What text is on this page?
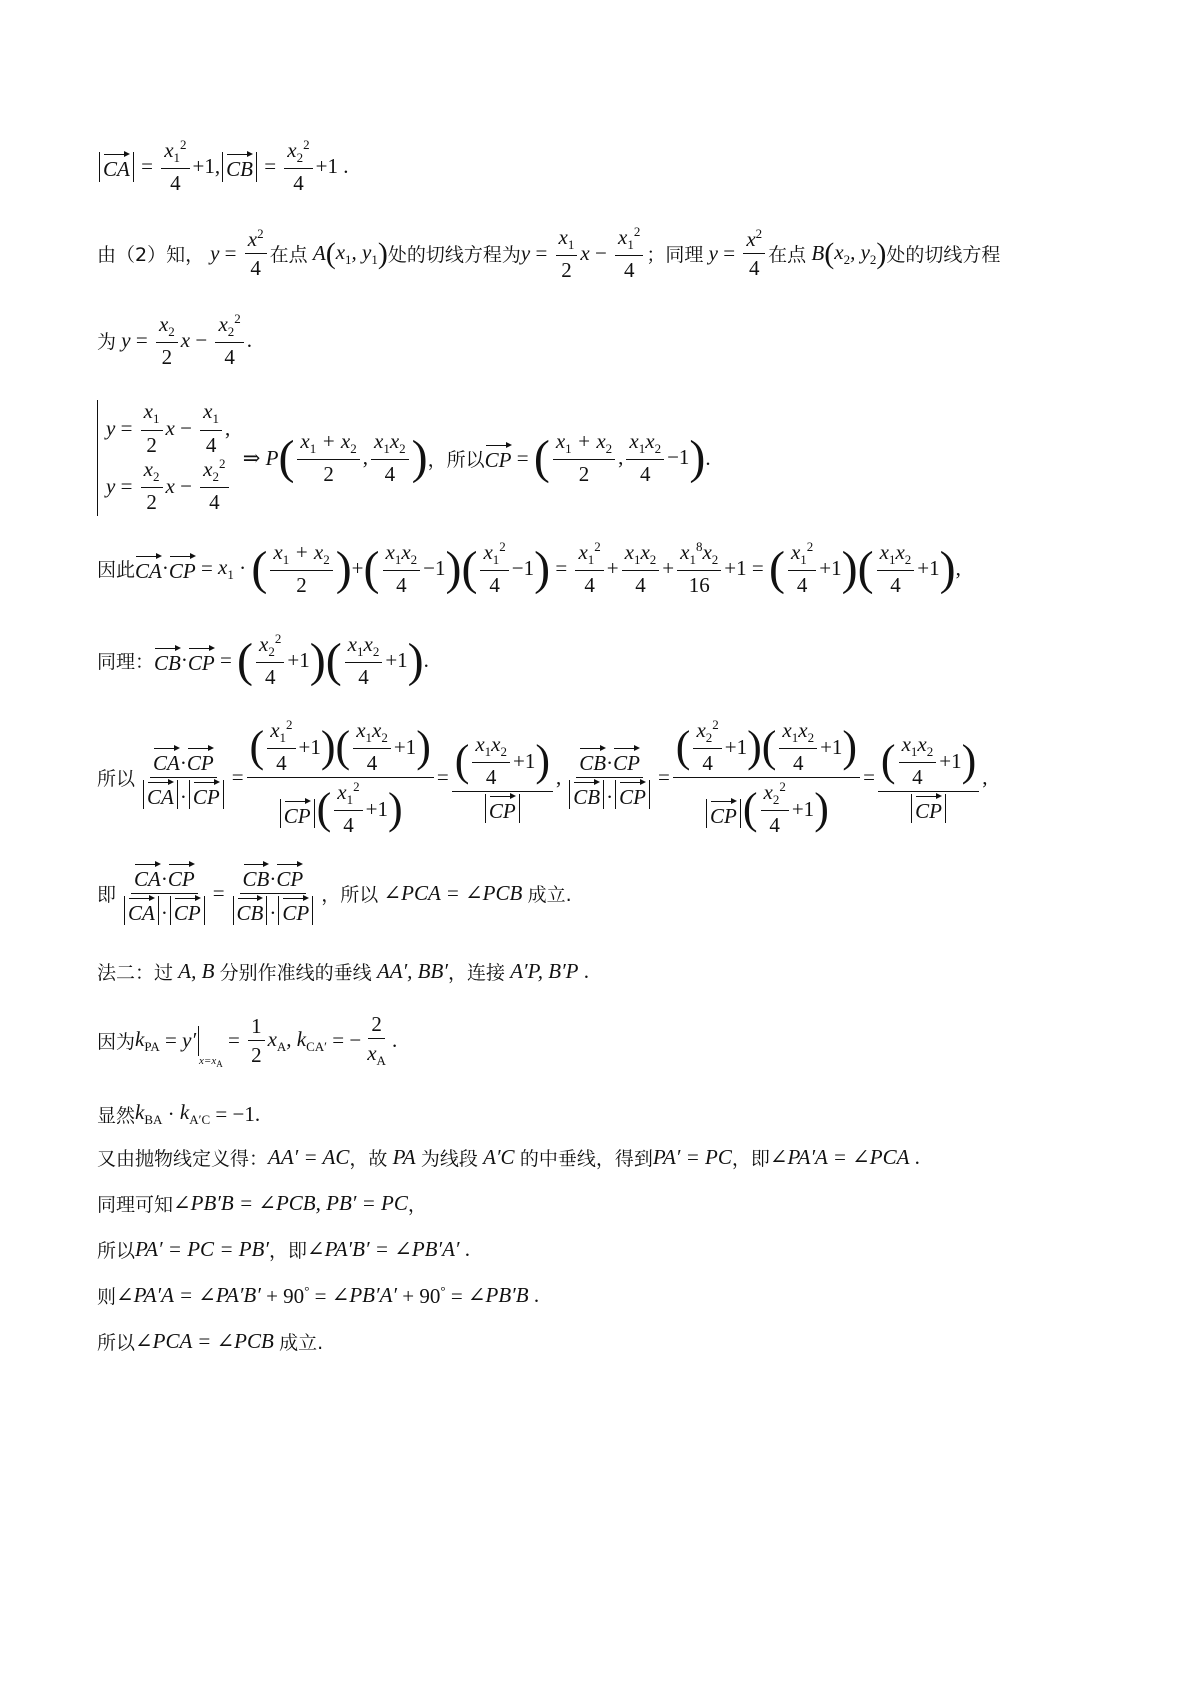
CA = $\frac{x_1^2}{4} +1$, CB = $\frac{x_2^2}{4} +1$ .
由（2）知， $y = \frac{x^2}{4}$ 在点 A ( $x_1$, $y_1$ ) 处的切线方程为 $y = \frac{x_1}{2}$ $x - \frac{x_1^2}{4}$ ； 同理 $y = \frac{x^2}{4}$ 在点 B ( $x_2$, $y_2$ ) 处的切线方程
为 $y = \frac{x_2}{2}$ $x - \frac{x_2^2}{4}$ .
y =
$x_1$
2
x −
$x_1$
4
,
y =
$x_2$
2
x −
$x_2^2$
4
⇒ P ( $x_1 + x_2$
2
,
$x_1x_2$
4 ) ， 所以 CP = ( $x_1 + x_2$
2
,
$x_1x_2$
4
−1 ) .
因此 CA · CP = $x_1$ · ( $x_1 + x_2$
2 ) + ( $x_1x_2$
4
−1 ) ( $x_1^2$
4
−1 ) = $\frac{x_1^2}{4} + \frac{x_1x_2}{4} + \frac{x_1^8x_2}{16} +1$ = ( $x_1^2$
4
+1 ) ( $x_1x_2$
4
+1 ) ,
同理： CB · CP = ( $x_2^2$
4
+1 ) ( $x_1x_2$
4
+1 ) .
所以 $\frac{CA\cdot CP}{CA \cdot CP}$ = ( $x_1^2$
4
+1 ) ( $x_1x_2$
4
+1 )
CP ( $x_1^2$
4
+1 ) = ( $x_1x_2$
4
+1 )
CP , $\frac{CB\cdot CP}{CB \cdot CP}$ = ( $x_2^2$
4
+1 ) ( $x_1x_2$
4
+1 )
CP ( $x_2^2$
4
+1 ) = ( $x_1x_2$
4
+1 )
CP ,
即 $\frac{CA\cdot CP}{CA \cdot CP} = \frac{CB\cdot CP}{CB \cdot CP}$ ， 所以 ∠PCA = ∠PCB 成立.
法二：过 A, B 分别作准线的垂线 AA′, BB′ ，连接 A′P, B′P .
因为 $k_{PA} = y'$
$_{x=x_A}$
= $\frac{1}{2} x_A$, $k_{CA'}$ = − $\frac{2}{x_A}$ .
显然 $k_{BA} \cdot k_{A'C} = -1$.
又由抛物线定义得： AA′ = AC ，故 PA 为线段 A′C 的中垂线，得到 PA′ = PC ，即 ∠PA′A = ∠PCA .
同理可知 ∠PB′B = ∠PCB, PB′ = PC ，
所以 PA′ = PC = PB′ ，即 ∠PA′B′ = ∠PB′A′ .
则 ∠PA′A = ∠PA′B′ + 90° = ∠PB′A′ + 90° = ∠PB′B .
所以 ∠PCA = ∠PCB 成立.
